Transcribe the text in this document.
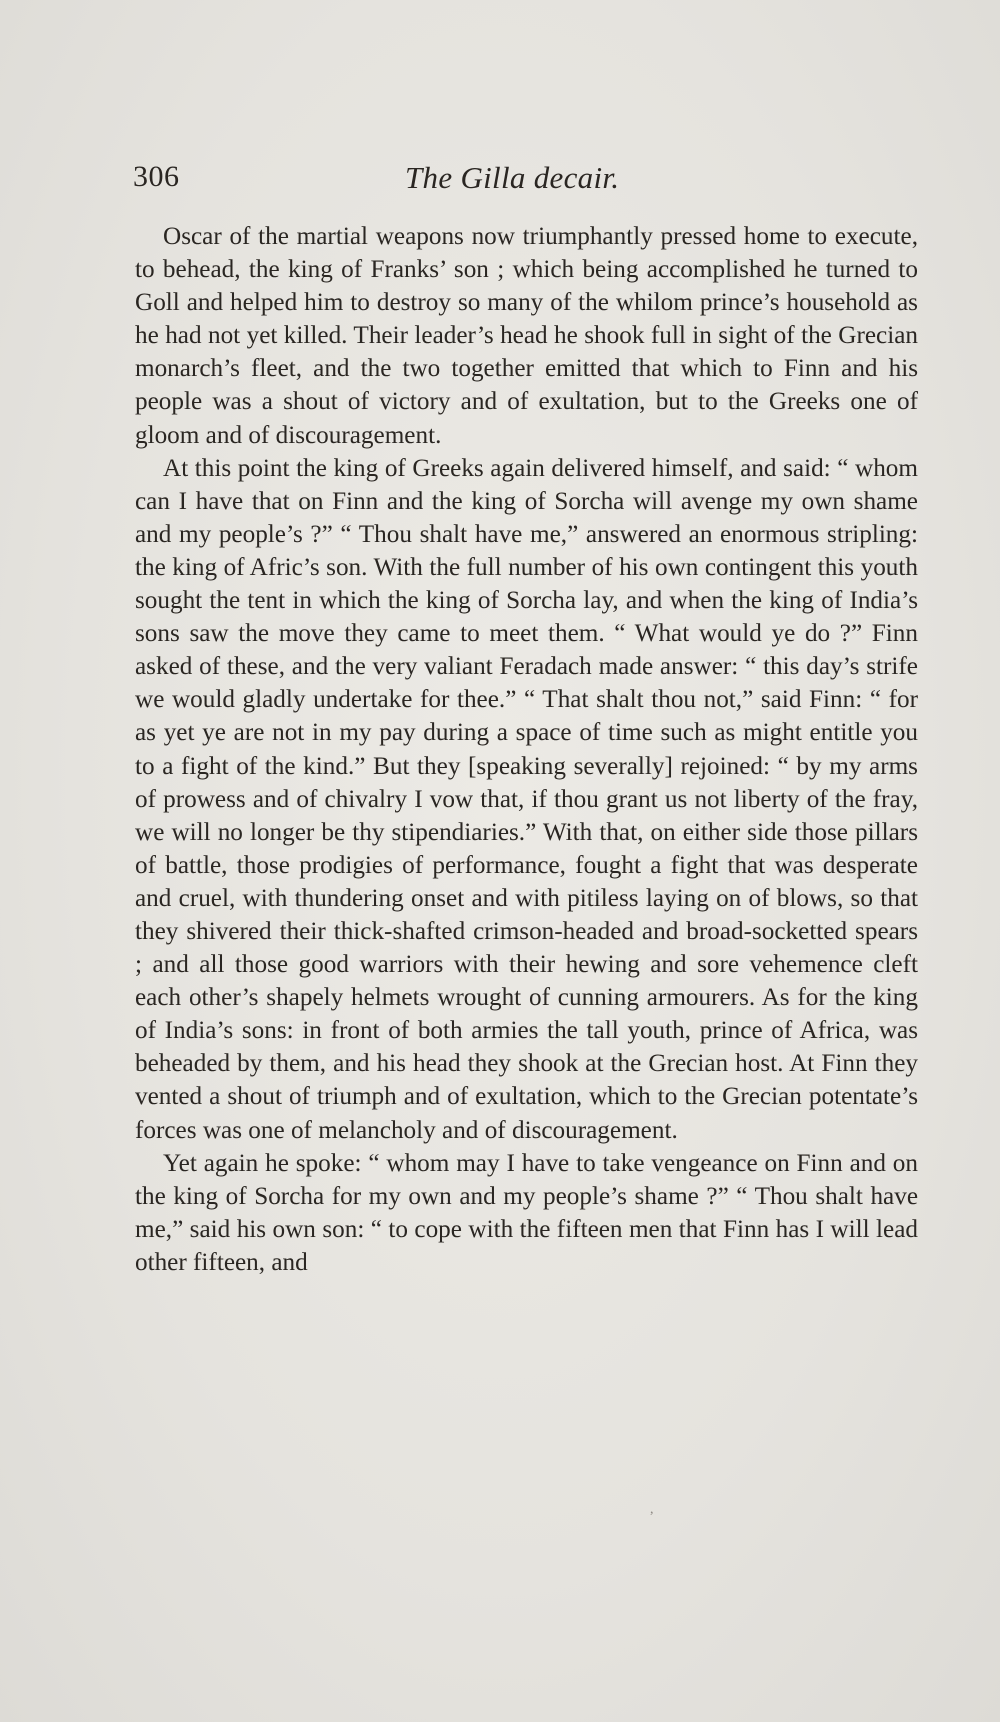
306	The Gilla decair.

Oscar of the martial weapons now triumphantly pressed home to execute, to behead, the king of Franks’ son ; which being accomplished he turned to Goll and helped him to destroy so many of the whilom prince’s household as he had not yet killed. Their leader’s head he shook full in sight of the Grecian monarch’s fleet, and the two together emitted that which to Finn and his people was a shout of victory and of exultation, but to the Greeks one of gloom and of discouragement.

At this point the king of Greeks again delivered himself, and said: “ whom can I have that on Finn and the king of Sorcha will avenge my own shame and my people’s ?” “ Thou shalt have me,” answered an enormous stripling: the king of Afric’s son. With the full number of his own contingent this youth sought the tent in which the king of Sorcha lay, and when the king of India’s sons saw the move they came to meet them. “ What would ye do ?” Finn asked of these, and the very valiant Feradach made answer: “ this day’s strife we would gladly undertake for thee.” “ That shalt thou not,” said Finn: “ for as yet ye are not in my pay during a space of time such as might entitle you to a fight of the kind.” But they [speaking severally] rejoined: “ by my arms of prowess and of chivalry I vow that, if thou grant us not liberty of the fray, we will no longer be thy stipendiaries.” With that, on either side those pillars of battle, those prodigies of performance, fought a fight that was desperate and cruel, with thundering onset and with pitiless laying on of blows, so that they shivered their thick-shafted crimson-headed and broad-socketted spears ; and all those good warriors with their hewing and sore vehemence cleft each other’s shapely helmets wrought of cunning armourers. As for the king of India’s sons: in front of both armies the tall youth, prince of Africa, was beheaded by them, and his head they shook at the Grecian host. At Finn they vented a shout of triumph and of exultation, which to the Grecian potentate’s forces was one of melancholy and of discouragement.

Yet again he spoke: “ whom may I have to take vengeance on Finn and on the king of Sorcha for my own and my people’s shame ?” “ Thou shalt have me,” said his own son: “ to cope with the fifteen men that Finn has I will lead other fifteen, and

,
